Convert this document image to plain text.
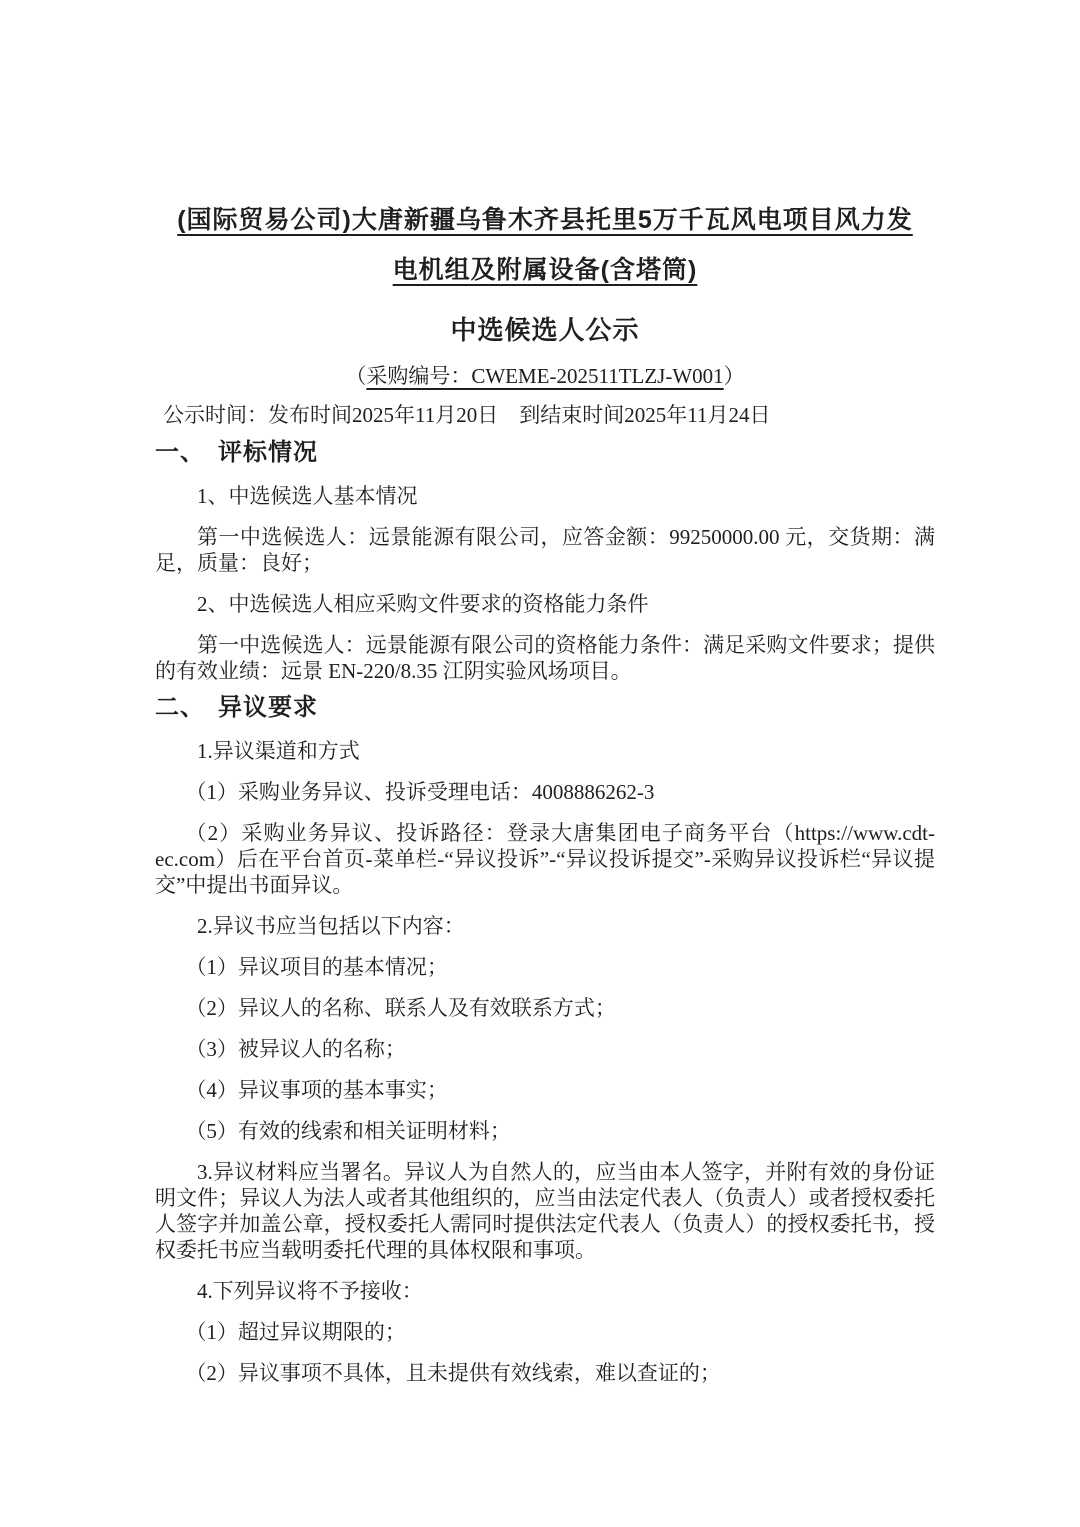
(国际贸易公司)大唐新疆乌鲁木齐县托里5万千瓦风电项目风力发
电机组及附属设备(含塔筒)
中选候选人公示
（采购编号：CWEME-202511TLZJ-W001）
公示时间：发布时间2025年11月20日　到结束时间2025年11月24日
一、　评标情况

1、中选候选人基本情况

第一中选候选人：远景能源有限公司，应答金额：99250000.00 元，交货期：满足，质量：良好；

2、中选候选人相应采购文件要求的资格能力条件

第一中选候选人：远景能源有限公司的资格能力条件：满足采购文件要求；提供的有效业绩：远景 EN-220/8.35 江阴实验风场项目。

二、　异议要求

1.异议渠道和方式

（1）采购业务异议、投诉受理电话：4008886262-3

（2）采购业务异议、投诉路径：登录大唐集团电子商务平台（https://www.cdt-ec.com）后在平台首页-菜单栏-“异议投诉”-“异议投诉提交”-采购异议投诉栏“异议提交”中提出书面异议。

2.异议书应当包括以下内容：

（1）异议项目的基本情况；

（2）异议人的名称、联系人及有效联系方式；

（3）被异议人的名称；

（4）异议事项的基本事实；

（5）有效的线索和相关证明材料；

3.异议材料应当署名。异议人为自然人的，应当由本人签字，并附有效的身份证明文件；异议人为法人或者其他组织的，应当由法定代表人（负责人）或者授权委托人签字并加盖公章，授权委托人需同时提供法定代表人（负责人）的授权委托书，授权委托书应当载明委托代理的具体权限和事项。

4.下列异议将不予接收：

（1）超过异议期限的；

（2）异议事项不具体，且未提供有效线索，难以查证的；
